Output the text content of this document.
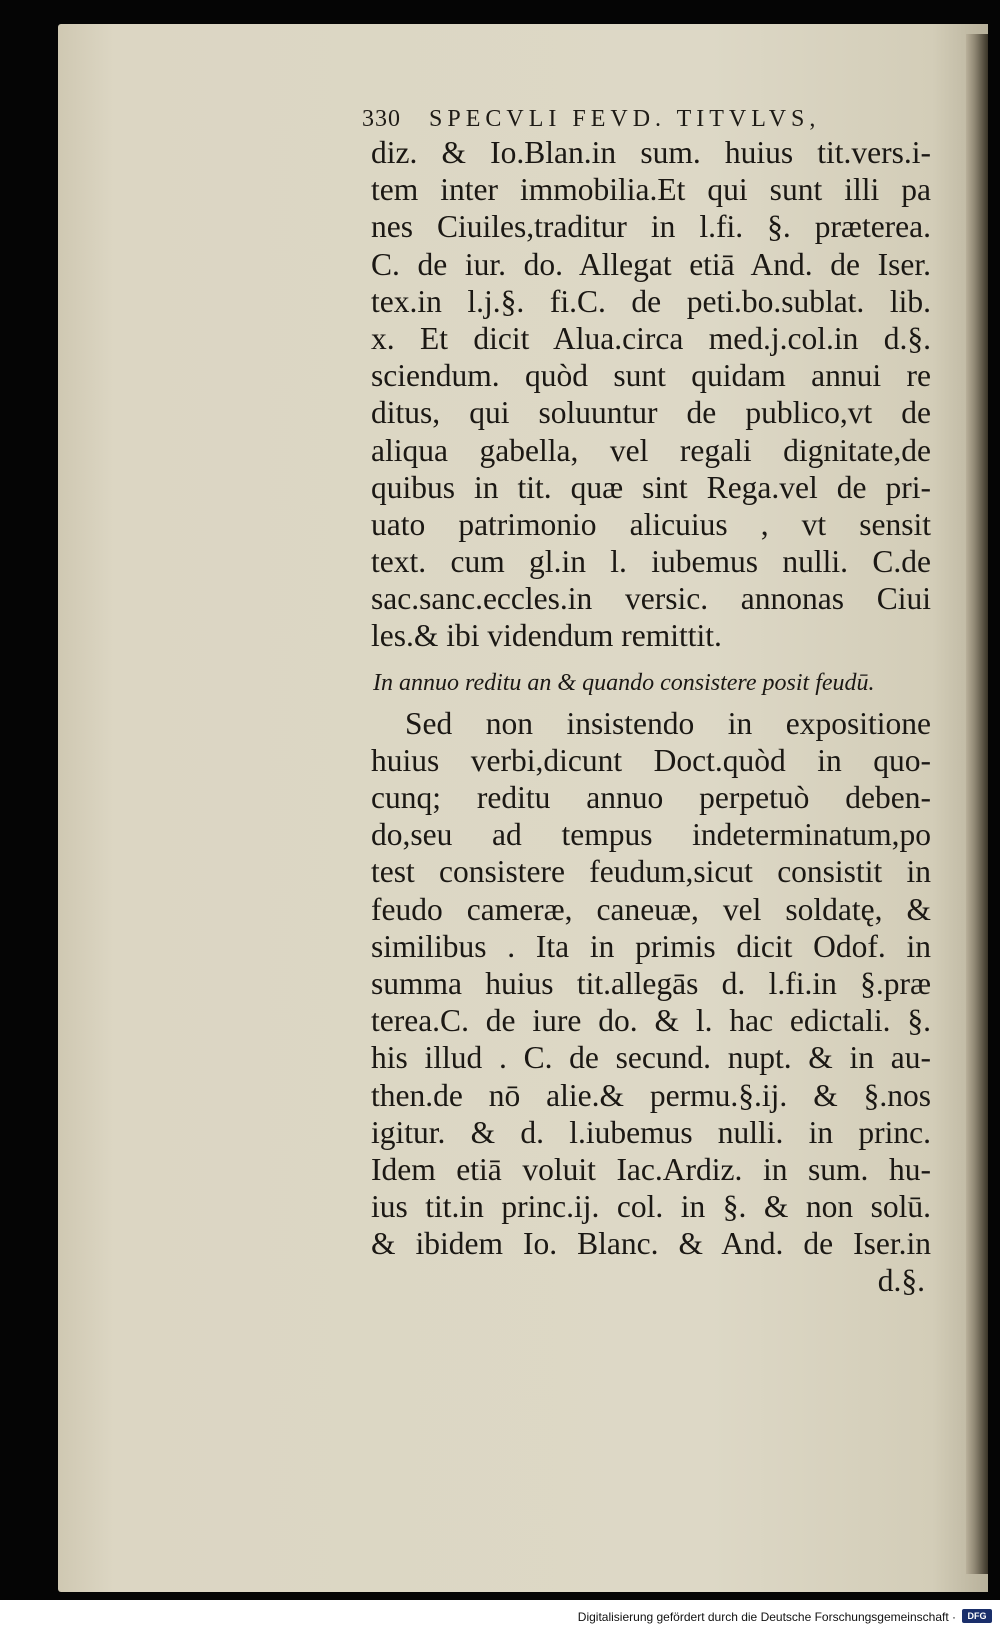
330 SPECVLI FEVD. TITVLVS,
diz. & Io.Blan.in sum. huius tit.vers.i-
tem inter immobilia.Et qui sunt illi pa
nes Ciuiles,traditur in l.fi. §. præterea.
C. de iur. do. Allegat etiā And. de Iser.
tex.in l.j.§. fi.C. de peti.bo.sublat. lib.
x. Et dicit Alua.circa med.j.col.in d.§.
sciendum. quòd sunt quidam annui re
ditus, qui soluuntur de publico,vt de
aliqua gabella, vel regali dignitate,de
quibus in tit. quæ sint Rega.vel de pri-
uato patrimonio alicuius , vt sensit
text. cum gl.in l. iubemus nulli. C.de
sac.sanc.eccles.in versic. annonas Ciui
les.& ibi videndum remittit.
In annuo reditu an & quando consistere posit feudū.
Sed non insistendo in expositione
huius verbi,dicunt Doct.quòd in quo-
cunq; reditu annuo perpetuò deben-
do,seu ad tempus indeterminatum,po
test consistere feudum,sicut consistit in
feudo cameræ, caneuæ, vel soldatę, &
similibus . Ita in primis dicit Odof. in
summa huius tit.allegās d. l.fi.in §.præ
terea.C. de iure do. & l. hac edictali. §.
his illud . C. de secund. nupt. & in au-
then.de nō alie.& permu.§.ij. & §.nos
igitur. & d. l.iubemus nulli. in princ.
Idem etiā voluit Iac.Ardiz. in sum. hu-
ius tit.in princ.ij. col. in §. & non solū.
& ibidem Io. Blanc. & And. de Iser.in
d.§.
Digitalisierung gefördert durch die Deutsche Forschungsgemeinschaft ·	DFG
